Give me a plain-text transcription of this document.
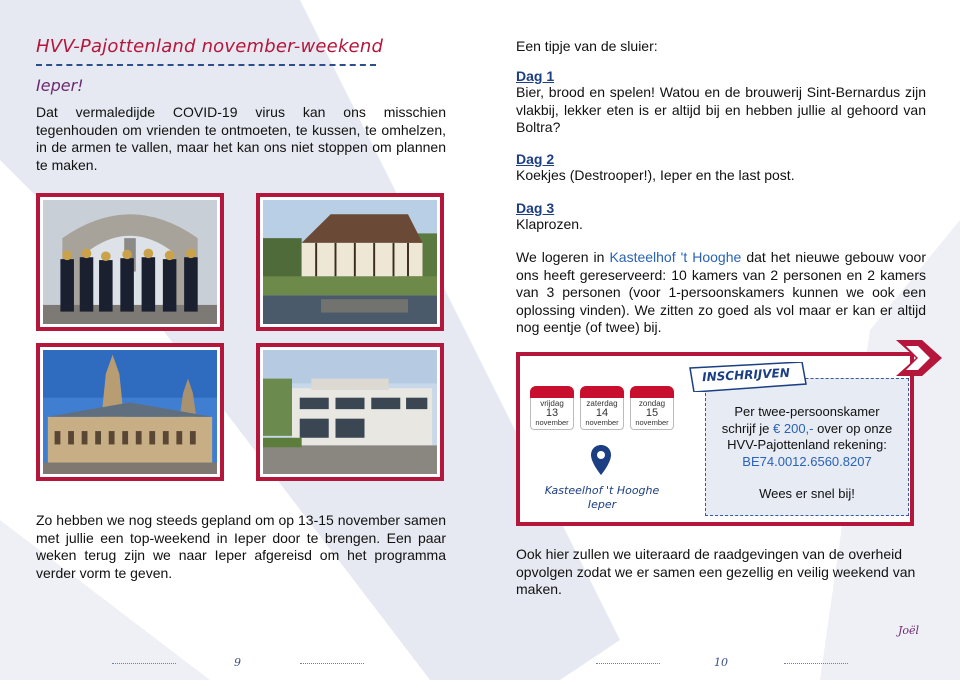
HVV-Pajottenland november-weekend
Ieper!

Dat vermaledijde COVID-19 virus kan ons misschien tegenhouden om vrienden te ontmoeten, te kussen, te omhelzen, in de armen te vallen, maar het kan ons niet stoppen om plannen te maken.

Zo hebben we nog steeds gepland om op 13-15 november samen met jullie een top-weekend in Ieper door te brengen. Een paar weken terug zijn we naar Ieper afgereisd om het programma verder vorm te geven.

9
Een tipje van de sluier:
Dag 1
Bier, brood en spelen! Watou en de brouwerij Sint-Bernardus zijn vlakbij, lekker eten is er altijd bij en hebben jullie al gehoord van Boltra?
Dag 2
Koekjes (Destrooper!), Ieper en the last post.
Dag 3
Klaprozen.

We logeren in Kasteelhof 't Hooghe dat het nieuwe gebouw voor ons heeft gereserveerd: 10 kamers van 2 personen en 2 kamers van 3 personen (voor 1-persoonskamers kunnen we ook een oplossing vinden). We zitten zo goed als vol maar er kan er altijd nog eentje (of twee) bij.

INSCHRIJVEN
vrijdag
13
november
zaterdag
14
november
zondag
15
november
Kasteelhof 't Hooghe
Ieper
Per twee-persoonskamer
schrijf je € 200,- over op onze
HVV-Pajottenland rekening:
BE74.0012.6560.8207
Wees er snel bij!

Ook hier zullen we uiteraard de raadgevingen van de overheid opvolgen zodat we er samen een gezellig en veilig weekend van maken.

Joël
10
